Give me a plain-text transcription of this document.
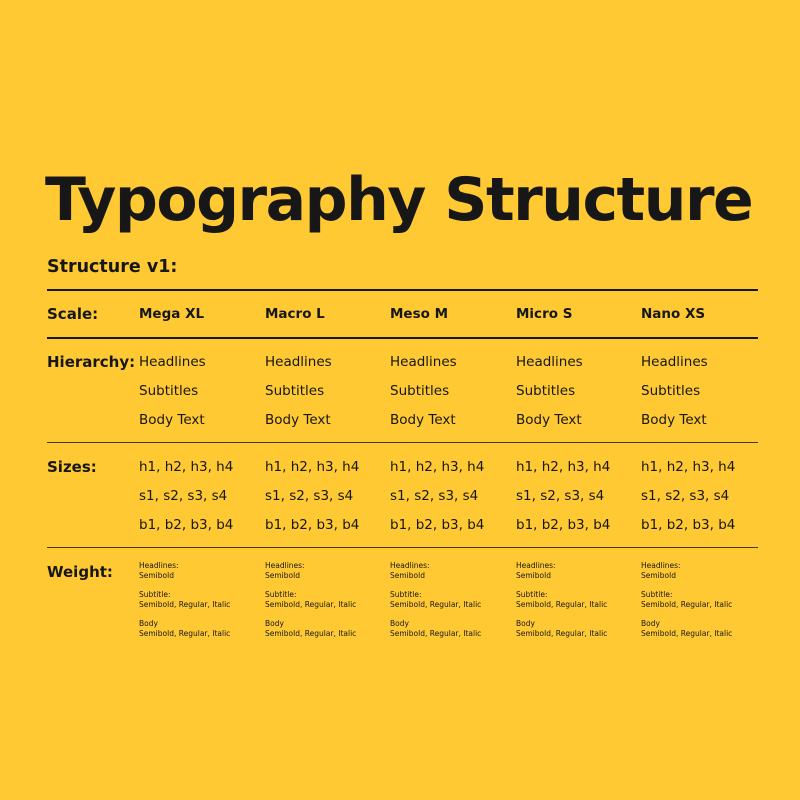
Typography Structure
Structure v1:
Scale:
Hierarchy:
Sizes:
Weight:
Mega XL
Headlines
Subtitles
Body Text
h1, h2, h3, h4
s1, s2, s3, s4
b1, b2, b3, b4
Headlines:
Semibold
Subtitle:
Semibold, Regular, Italic
Body
Semibold, Regular, Italic
Macro L
Headlines
Subtitles
Body Text
h1, h2, h3, h4
s1, s2, s3, s4
b1, b2, b3, b4
Headlines:
Semibold
Subtitle:
Semibold, Regular, Italic
Body
Semibold, Regular, Italic
Meso M
Headlines
Subtitles
Body Text
h1, h2, h3, h4
s1, s2, s3, s4
b1, b2, b3, b4
Headlines:
Semibold
Subtitle:
Semibold, Regular, Italic
Body
Semibold, Regular, Italic
Micro S
Headlines
Subtitles
Body Text
h1, h2, h3, h4
s1, s2, s3, s4
b1, b2, b3, b4
Headlines:
Semibold
Subtitle:
Semibold, Regular, Italic
Body
Semibold, Regular, Italic
Nano XS
Headlines
Subtitles
Body Text
h1, h2, h3, h4
s1, s2, s3, s4
b1, b2, b3, b4
Headlines:
Semibold
Subtitle:
Semibold, Regular, Italic
Body
Semibold, Regular, Italic
